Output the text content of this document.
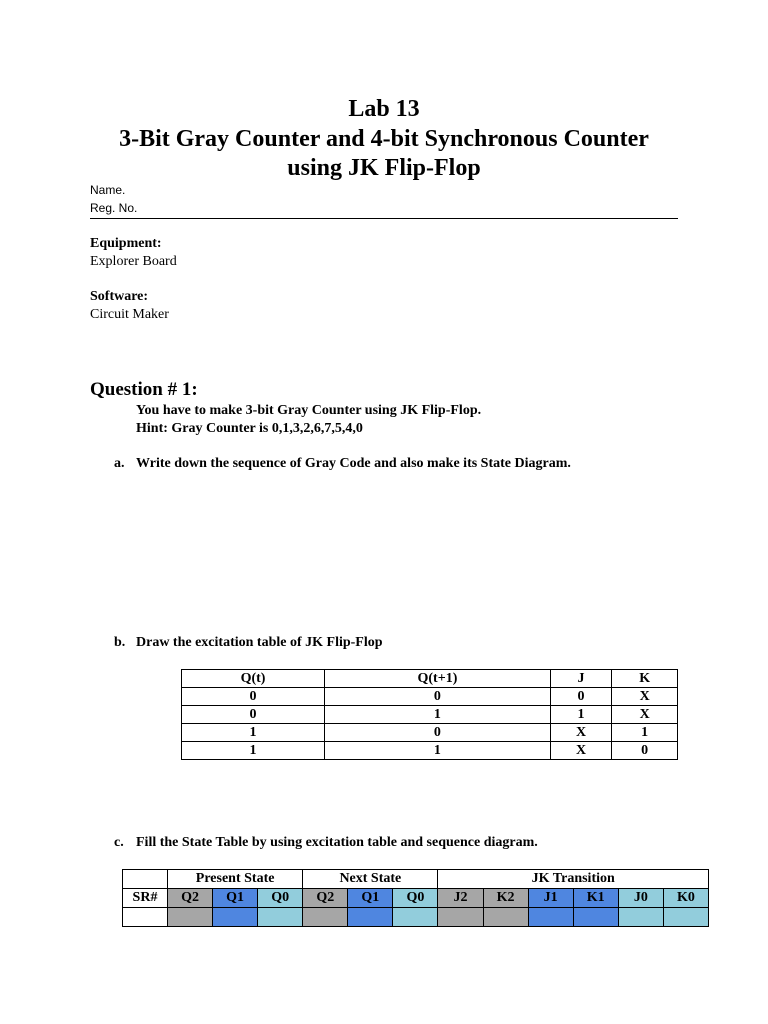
Lab 13
3-Bit Gray Counter and 4-bit Synchronous Counter
using JK Flip-Flop
Name.
Reg. No.
Equipment:
Explorer Board
Software:
Circuit Maker
Question # 1:
You have to make 3-bit Gray Counter using JK Flip-Flop.
Hint: Gray Counter is 0,1,3,2,6,7,5,4,0
a. Write down the sequence of Gray Code and also make its State Diagram.
b. Draw the excitation table of JK Flip-Flop
Q(t)	Q(t+1)	J	K
0	0	0	X
0	1	1	X
1	0	X	1
1	1	X	0
c. Fill the State Table by using excitation table and sequence diagram.
	Present State			Next State			JK Transition					
SR#	Q2	Q1	Q0	Q2	Q1	Q0	J2	K2	J1	K1	J0	K0
